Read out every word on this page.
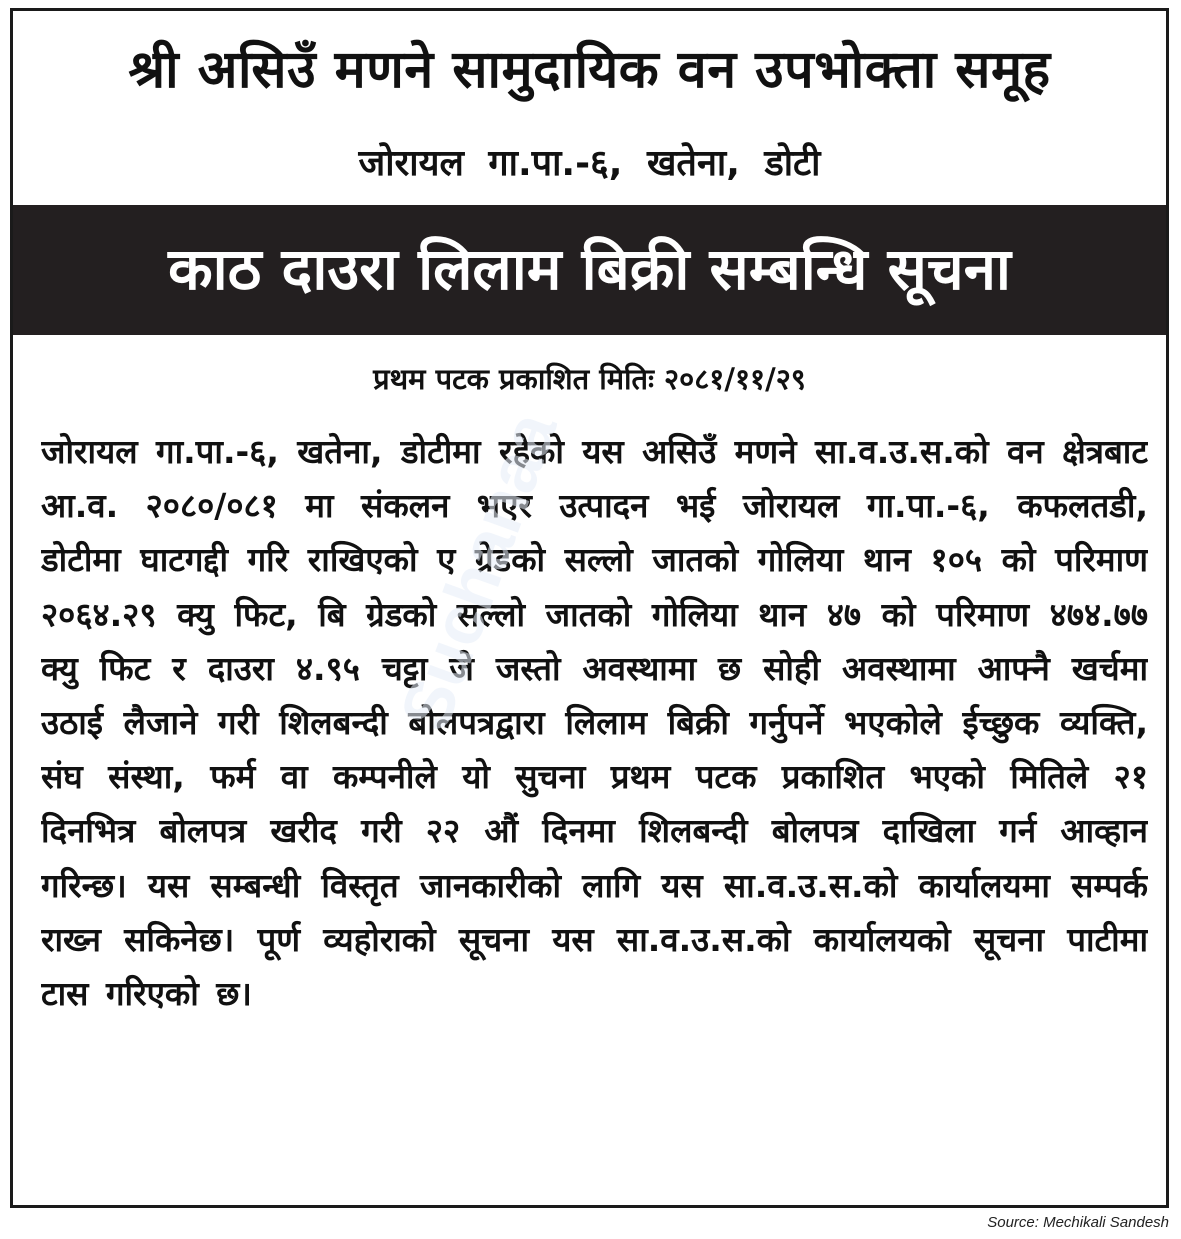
श्री असिउँ मणने सामुदायिक वन उपभोक्ता समूह
जोरायल गा.पा.-६, खतेना, डोटी
काठ दाउरा लिलाम बिक्री सम्बन्धि सूचना
प्रथम पटक प्रकाशित मितिः २०८१/११/२९
जोरायल गा.पा.-६, खतेना, डोटीमा रहेको यस असिउँ मणने सा.व.उ.स.को वन क्षेत्रबाट आ.व. २०८०/०८१ मा संकलन भएर उत्पादन भई जोरायल गा.पा.-६, कफलतडी, डोटीमा घाटगद्दी गरि राखिएको ए ग्रेडको सल्लो जातको गोलिया थान १०५ को परिमाण २०६४.२९ क्यु फिट, बि ग्रेडको सल्लो जातको गोलिया थान ४७ को परिमाण ४७४.७७ क्यु फिट र दाउरा ४.९५ चट्टा जे जस्तो अवस्थामा छ सोही अवस्थामा आफ्नै खर्चमा उठाई लैजाने गरी शिलबन्दी बोलपत्रद्वारा लिलाम बिक्री गर्नुपर्ने भएकोले ईच्छुक व्यक्ति, संघ संस्था, फर्म वा कम्पनीले यो सुचना प्रथम पटक प्रकाशित भएको मितिले २१ दिनभित्र बोलपत्र खरीद गरी २२ औं दिनमा शिलबन्दी बोलपत्र दाखिला गर्न आव्हान गरिन्छ। यस सम्बन्धी विस्तृत जानकारीको लागि यस सा.व.उ.स.को कार्यालयमा सम्पर्क राख्न सकिनेछ। पूर्ण व्यहोराको सूचना यस सा.व.उ.स.को कार्यालयको सूचना पाटीमा टास गरिएको छ।
Suchanaa
Source: Mechikali Sandesh
